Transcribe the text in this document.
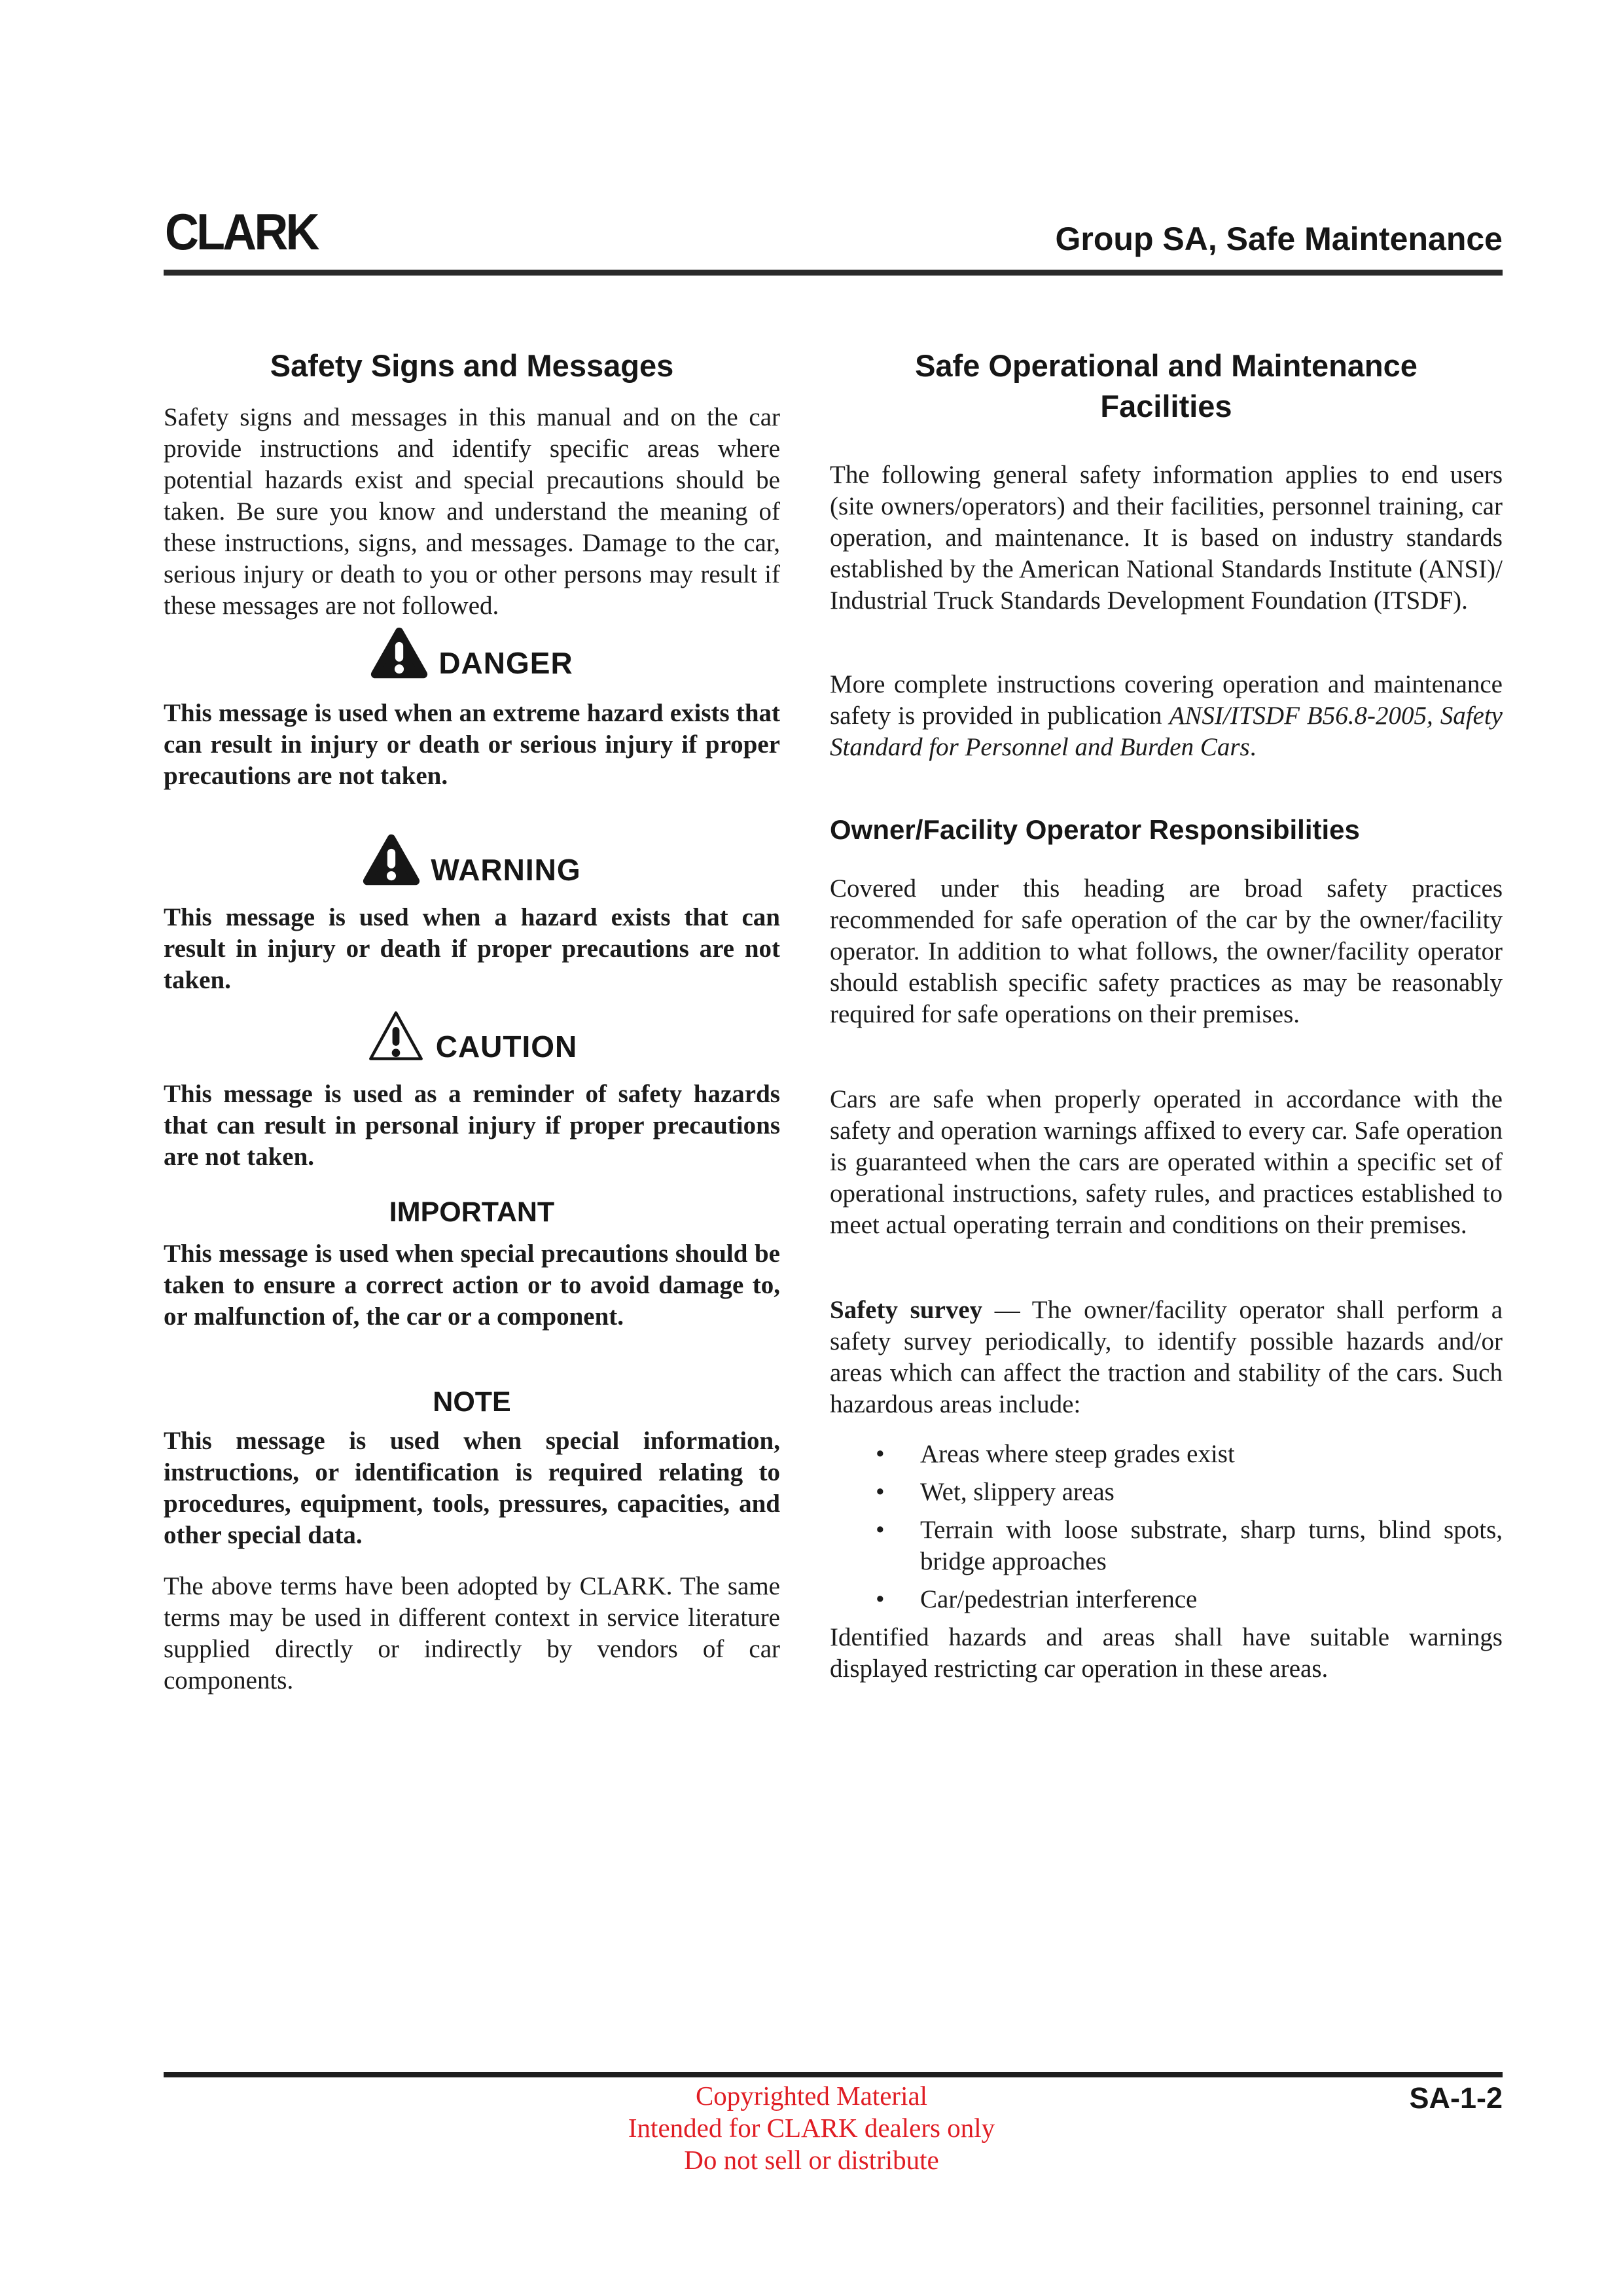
CLARK	Group SA, Safe Maintenance
Safety Signs and Messages
Safety signs and messages in this manual and on the car provide instructions and identify specific areas where potential hazards exist and special precautions should be taken. Be sure you know and understand the meaning of these instructions, signs, and messages. Damage to the car, serious injury or death to you or other persons may result if these messages are not followed.
DANGER
This message is used when an extreme hazard exists that can result in injury or death or serious injury if proper precautions are not taken.
WARNING
This message is used when a hazard exists that can result in injury or death if proper precautions are not taken.
CAUTION
This message is used as a reminder of safety hazards that can result in personal injury if proper precautions are not taken.
IMPORTANT
This message is used when special precautions should be taken to ensure a correct action or to avoid damage to, or malfunction of, the car or a component.
NOTE
This message is used when special information, instructions, or identification is required relating to procedures, equipment, tools, pressures, capacities, and other special data.
The above terms have been adopted by CLARK. The same terms may be used in different context in service literature supplied directly or indirectly by vendors of car components.
Safe Operational and Maintenance
Facilities
The following general safety information applies to end users (site owners/operators) and their facilities, personnel training, car operation, and maintenance. It is based on industry standards established by the American National Standards Institute (ANSI)/ Industrial Truck Standards Development Foundation (ITSDF).
More complete instructions covering operation and maintenance safety is provided in publication ANSI/ITSDF B56.8-2005, Safety Standard for Personnel and Burden Cars.
Owner/Facility Operator Responsibilities
Covered under this heading are broad safety practices recommended for safe operation of the car by the owner/facility operator. In addition to what follows, the owner/facility operator should establish specific safety practices as may be reasonably required for safe operations on their premises.
Cars are safe when properly operated in accordance with the safety and operation warnings affixed to every car. Safe operation is guaranteed when the cars are operated within a specific set of operational instructions, safety rules, and practices established to meet actual operating terrain and conditions on their premises.
Safety survey — The owner/facility operator shall perform a safety survey periodically, to identify possible hazards and/or areas which can affect the traction and stability of the cars. Such hazardous areas include:
• Areas where steep grades exist
• Wet, slippery areas
• Terrain with loose substrate, sharp turns, blind spots, bridge approaches
• Car/pedestrian interference
Identified hazards and areas shall have suitable warnings displayed restricting car operation in these areas.
Copyrighted Material
Intended for CLARK dealers only
Do not sell or distribute
SA-1-2
